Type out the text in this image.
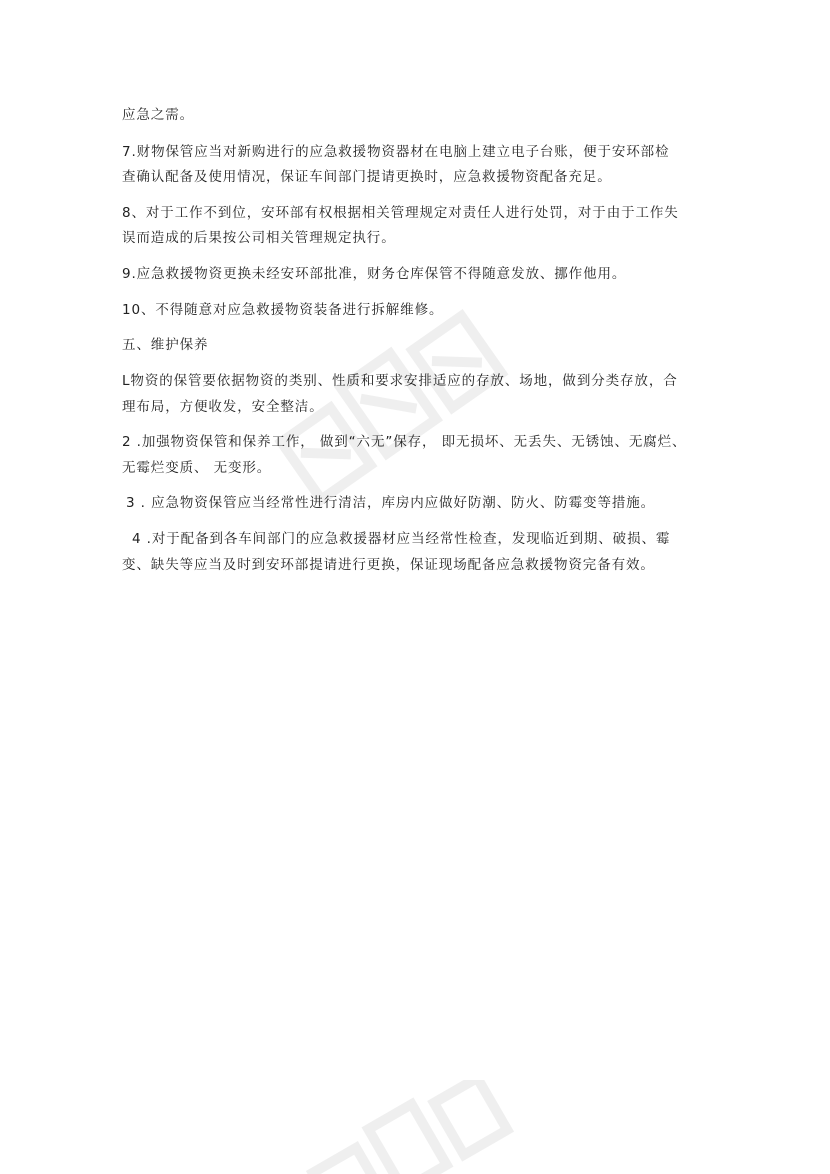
应急之需。
7.财物保管应当对新购进行的应急救援物资器材在电脑上建立电子台账，便于安环部检
查确认配备及使用情况，保证车间部门提请更换时，应急救援物资配备充足。
8、对于工作不到位，安环部有权根据相关管理规定对责任人进行处罚，对于由于工作失
误而造成的后果按公司相关管理规定执行。
9.应急救援物资更换未经安环部批准，财务仓库保管不得随意发放、挪作他用。
10、不得随意对应急救援物资装备进行拆解维修。
五、维护保养
L物资的保管要依据物资的类别、性质和要求安排适应的存放、场地，做到分类存放，合
理布局，方便收发，安全整洁。
2 .加强物资保管和保养工作， 做到“六无”保存， 即无损坏、无丢失、无锈蚀、无腐烂、
无霉烂变质、 无变形。
3 . 应急物资保管应当经常性进行清洁，库房内应做好防潮、防火、防霉变等措施。
4 .对于配备到各车间部门的应急救援器材应当经常性检查，发现临近到期、破损、霉
变、缺失等应当及时到安环部提请进行更换，保证现场配备应急救援物资完备有效。
